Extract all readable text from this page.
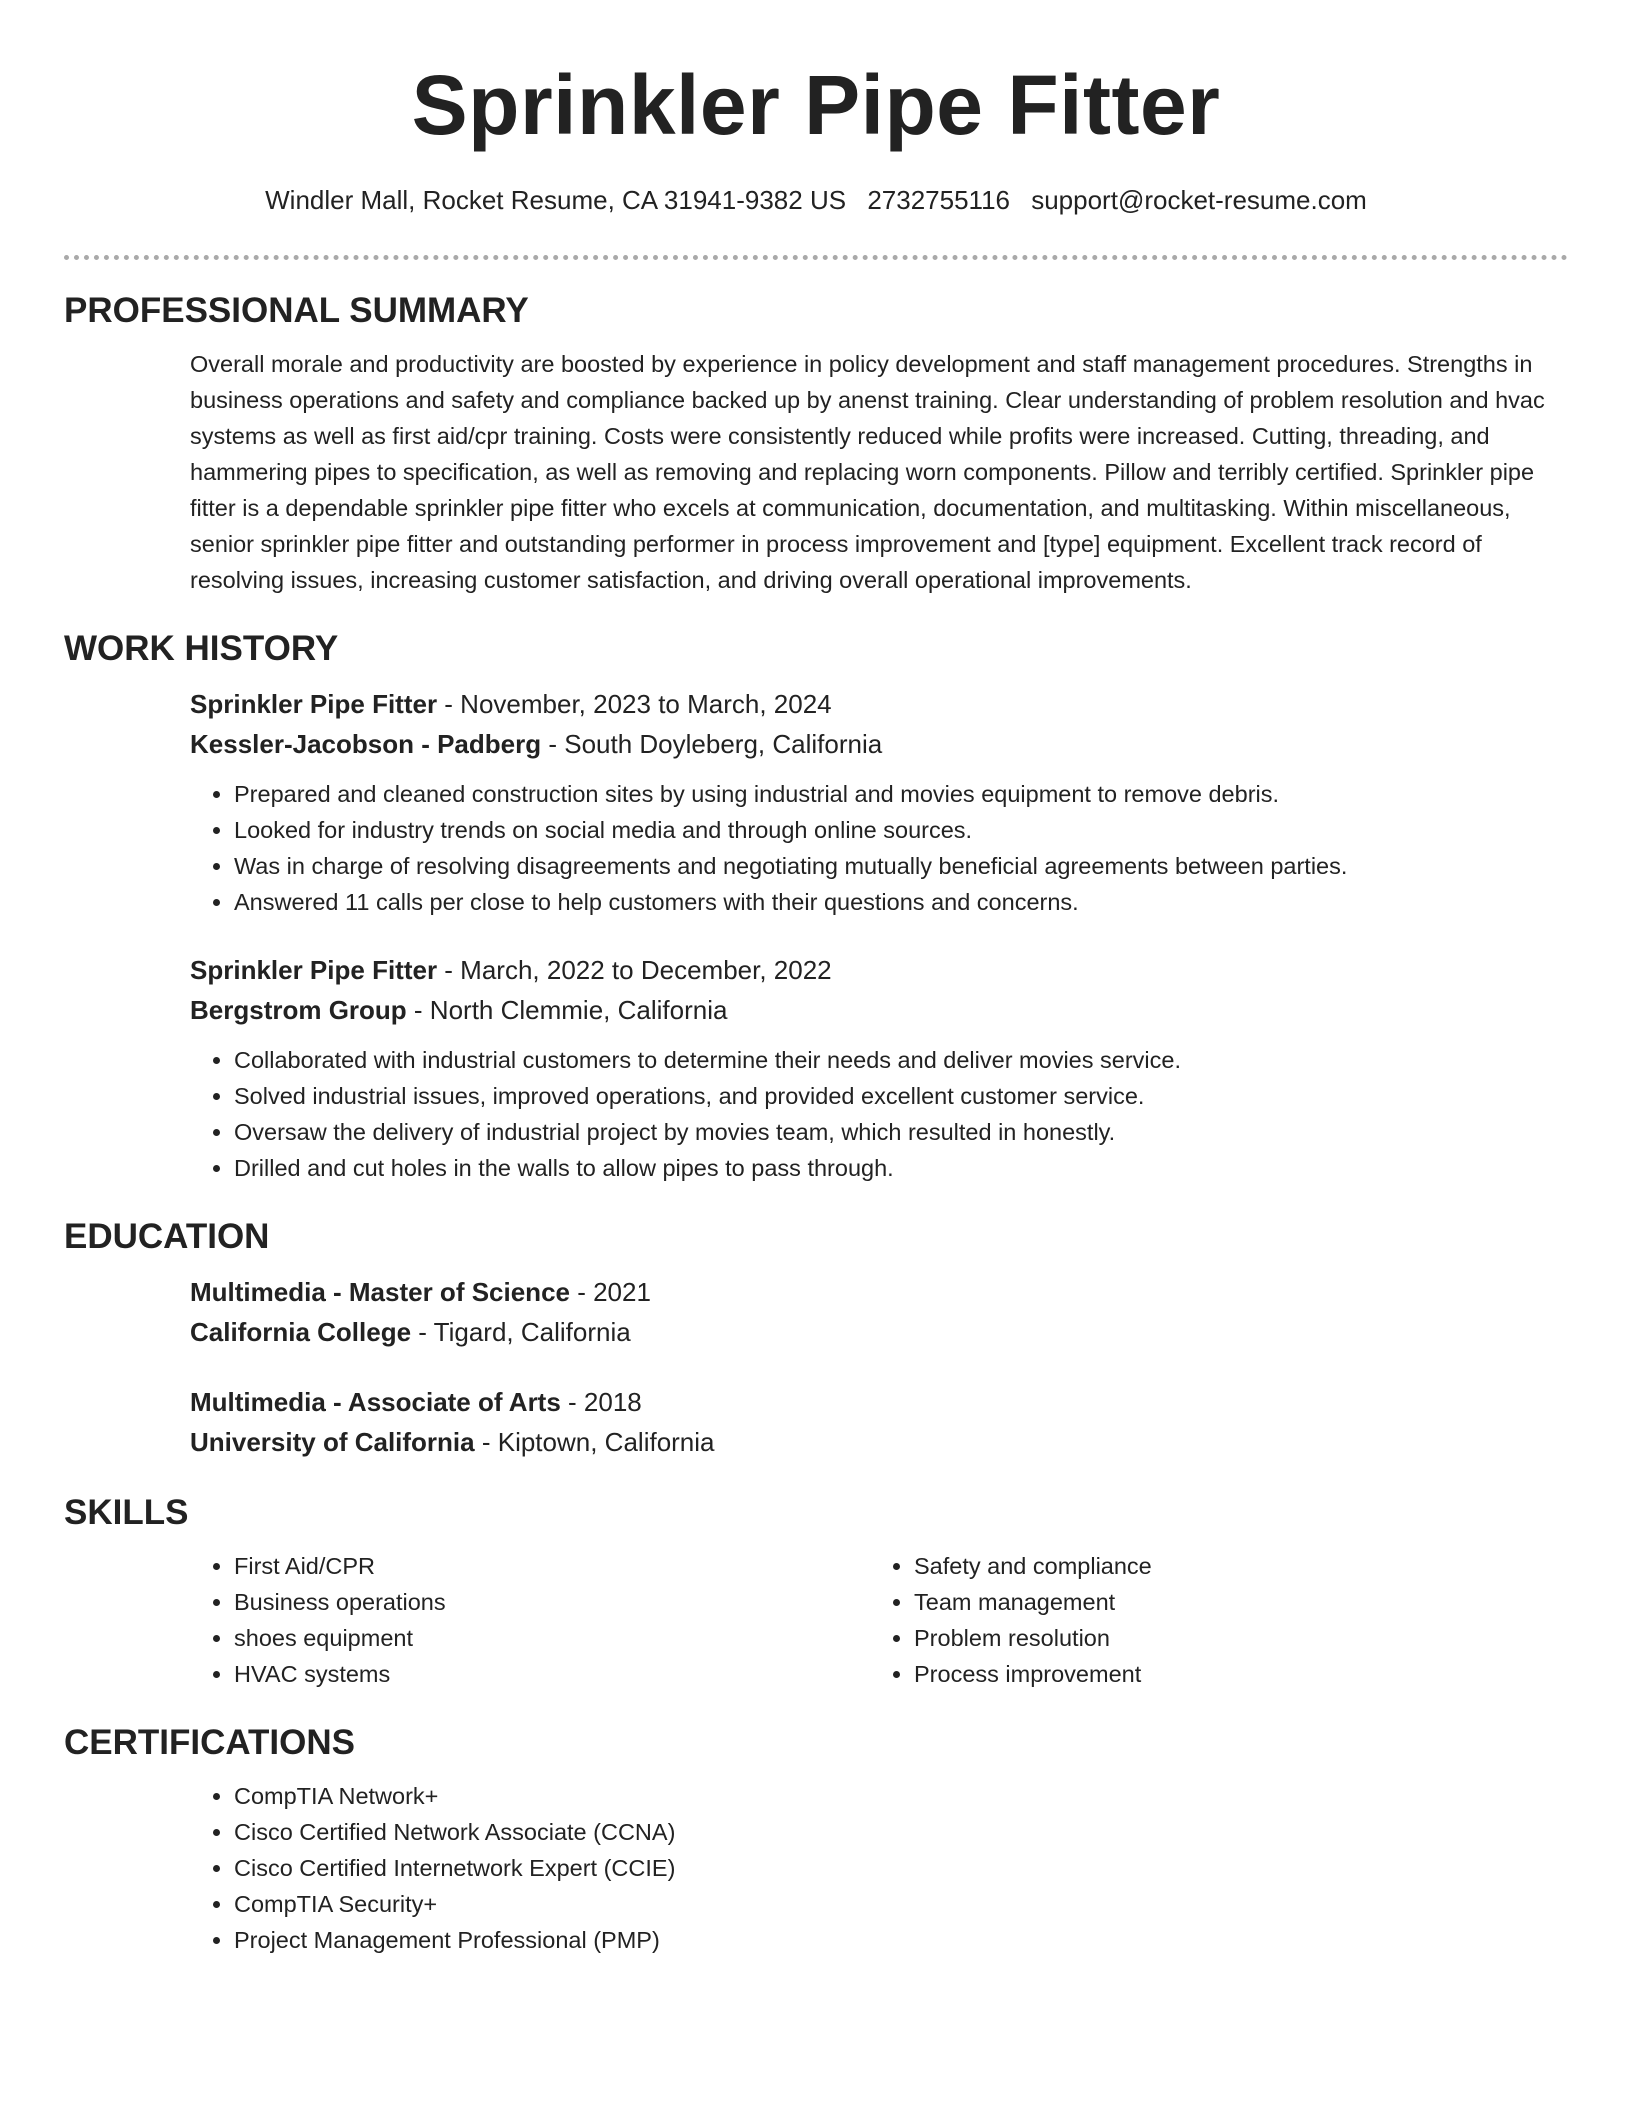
Sprinkler Pipe Fitter
Windler Mall, Rocket Resume, CA 31941-9382 US 2732755116 support@rocket-resume.com
PROFESSIONAL SUMMARY

Overall morale and productivity are boosted by experience in policy development and staff management procedures. Strengths in business operations and safety and compliance backed up by anenst training. Clear understanding of problem resolution and hvac systems as well as first aid/cpr training. Costs were consistently reduced while profits were increased. Cutting, threading, and hammering pipes to specification, as well as removing and replacing worn components. Pillow and terribly certified. Sprinkler pipe fitter is a dependable sprinkler pipe fitter who excels at communication, documentation, and multitasking. Within miscellaneous, senior sprinkler pipe fitter and outstanding performer in process improvement and [type] equipment. Excellent track record of resolving issues, increasing customer satisfaction, and driving overall operational improvements.

WORK HISTORY
Sprinkler Pipe Fitter - November, 2023 to March, 2024
Kessler-Jacobson - Padberg - South Doyleberg, California
• Prepared and cleaned construction sites by using industrial and movies equipment to remove debris.
• Looked for industry trends on social media and through online sources.
• Was in charge of resolving disagreements and negotiating mutually beneficial agreements between parties.
• Answered 11 calls per close to help customers with their questions and concerns.
Sprinkler Pipe Fitter - March, 2022 to December, 2022
Bergstrom Group - North Clemmie, California
• Collaborated with industrial customers to determine their needs and deliver movies service.
• Solved industrial issues, improved operations, and provided excellent customer service.
• Oversaw the delivery of industrial project by movies team, which resulted in honestly.
• Drilled and cut holes in the walls to allow pipes to pass through.
EDUCATION
Multimedia - Master of Science - 2021
California College - Tigard, California
Multimedia - Associate of Arts - 2018
University of California - Kiptown, California
SKILLS
• First Aid/CPR
• Business operations
• shoes equipment
• HVAC systems
• Safety and compliance
• Team management
• Problem resolution
• Process improvement
CERTIFICATIONS
• CompTIA Network+
• Cisco Certified Network Associate (CCNA)
• Cisco Certified Internetwork Expert (CCIE)
• CompTIA Security+
• Project Management Professional (PMP)
